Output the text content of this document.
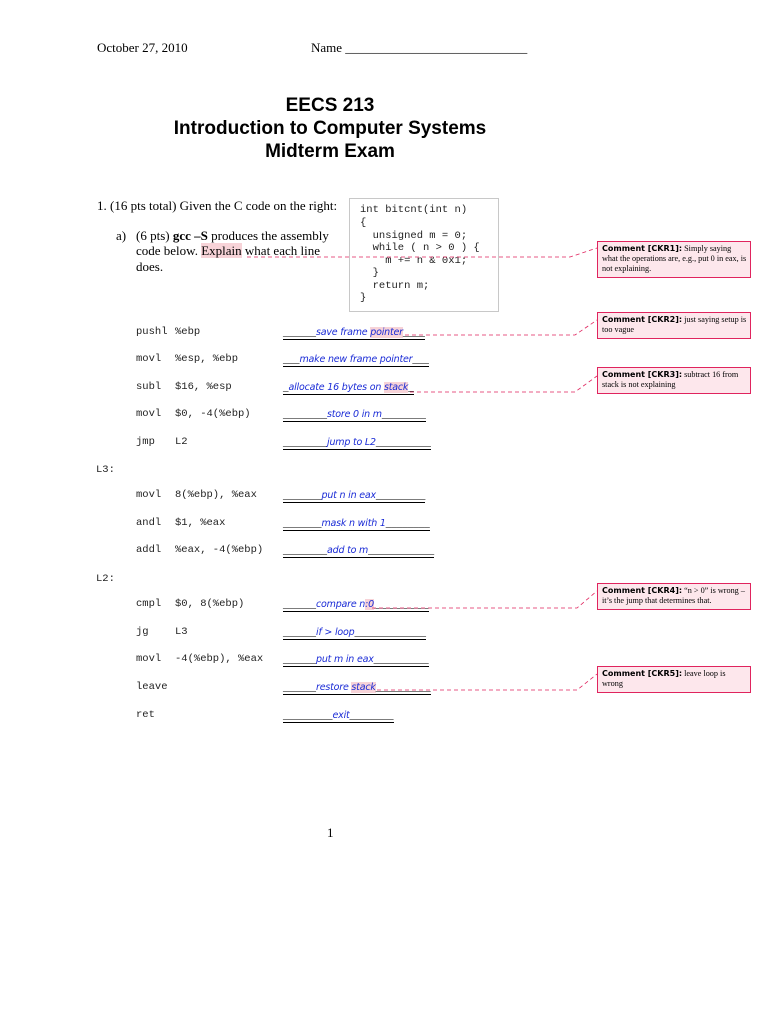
October 27, 2010	Name ____________________________
EECS 213
Introduction to Computer Systems
Midterm Exam
1. (16 pts total) Given the C code on the right:
a) (6 pts) gcc –S produces the assembly
code below. Explain what each line
does.
int bitcnt(int n)
{
unsigned m = 0;
while ( n > 0 ) {
m += n & 0x1;
}
return m;
}
L3:
L2:
pushl %ebp	______save frame pointer____
movl	%esp, %ebp	___make new frame pointer___
subl	$16, %esp	_allocate 16 bytes on stack_
movl	$0, -4(%ebp)	________store 0 in m________
jmp	L2	________jump to L2__________
movl	8(%ebp), %eax _______put n in eax_________
andl	$1, %eax	_______mask n with 1________
addl	%eax, -4(%ebp) ________add to m____________
cmpl	$0, 8(%ebp)	______compare n:0__________
jg	L3	______if > loop_____________
movl	-4(%ebp), %eax ______put m in eax__________
leave	______restore stack__________
ret	_________exit________
Comment [CKR1]: Simply saying what the operations are, e.g., put 0 in eax, is not explaining.
Comment [CKR2]: just saying setup is too vague
Comment [CKR3]: subtract 16 from stack is not explaining
Comment [CKR4]: “n > 0” is wrong – it’s the jump that determines that.
Comment [CKR5]: leave loop is wrong
1
